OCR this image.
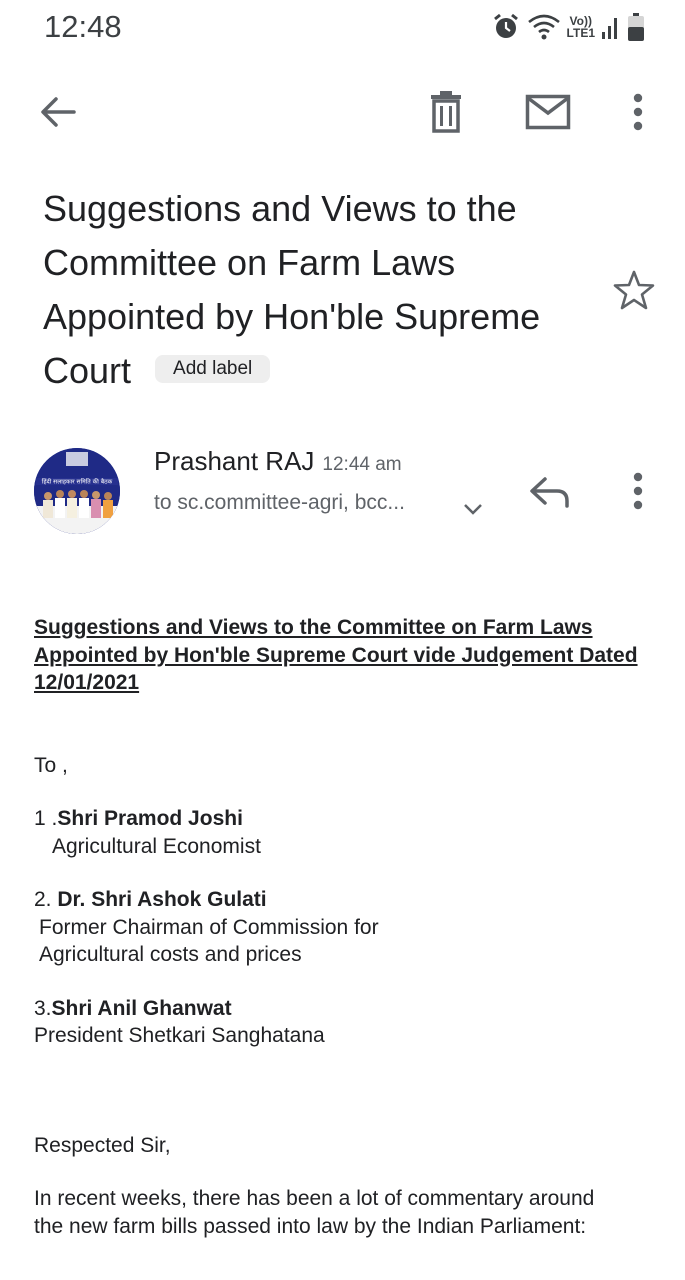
12:48	Vo))
LTE1
Suggestions and Views to the Committee on Farm Laws Appointed by Hon'ble Supreme Court Add label
हिंदी सलाहकार समिति की बैठक
Prashant RAJ 12:44 am
to sc.committee-agri, bcc...
Suggestions and Views to the Committee on Farm Laws Appointed by Hon'ble Supreme Court vide Judgement Dated 12/01/2021
To ,
1 .Shri Pramod Joshi
Agricultural Economist
2. Dr. Shri Ashok Gulati
Former Chairman of Commission for Agricultural costs and prices
3.Shri Anil Ghanwat
President Shetkari Sanghatana
Respected Sir,
In recent weeks, there has been a lot of commentary around the new farm bills passed into law by the Indian Parliament:
